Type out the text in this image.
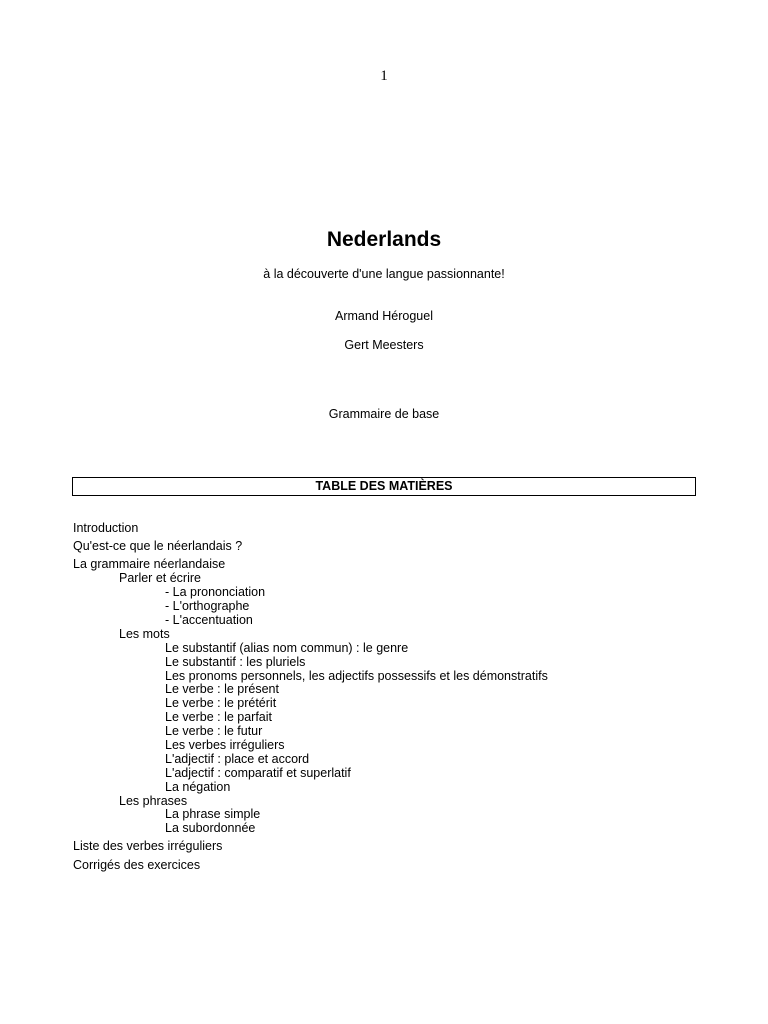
1
Nederlands
à la découverte d'une langue passionnante!
Armand Héroguel
Gert Meesters
Grammaire de base
TABLE DES MATIÈRES
Introduction
Qu'est-ce que le néerlandais ?
La grammaire néerlandaise
Parler et écrire
- La prononciation
- L'orthographe
- L'accentuation
Les mots
Le substantif (alias nom commun) : le genre
Le substantif : les pluriels
Les pronoms personnels, les adjectifs possessifs et les démonstratifs
Le verbe : le présent
Le verbe : le prétérit
Le verbe : le parfait
Le verbe : le futur
Les verbes irréguliers
L'adjectif : place et accord
L'adjectif : comparatif et superlatif
La négation
Les phrases
La phrase simple
La subordonnée
Liste des verbes irréguliers
Corrigés des exercices
